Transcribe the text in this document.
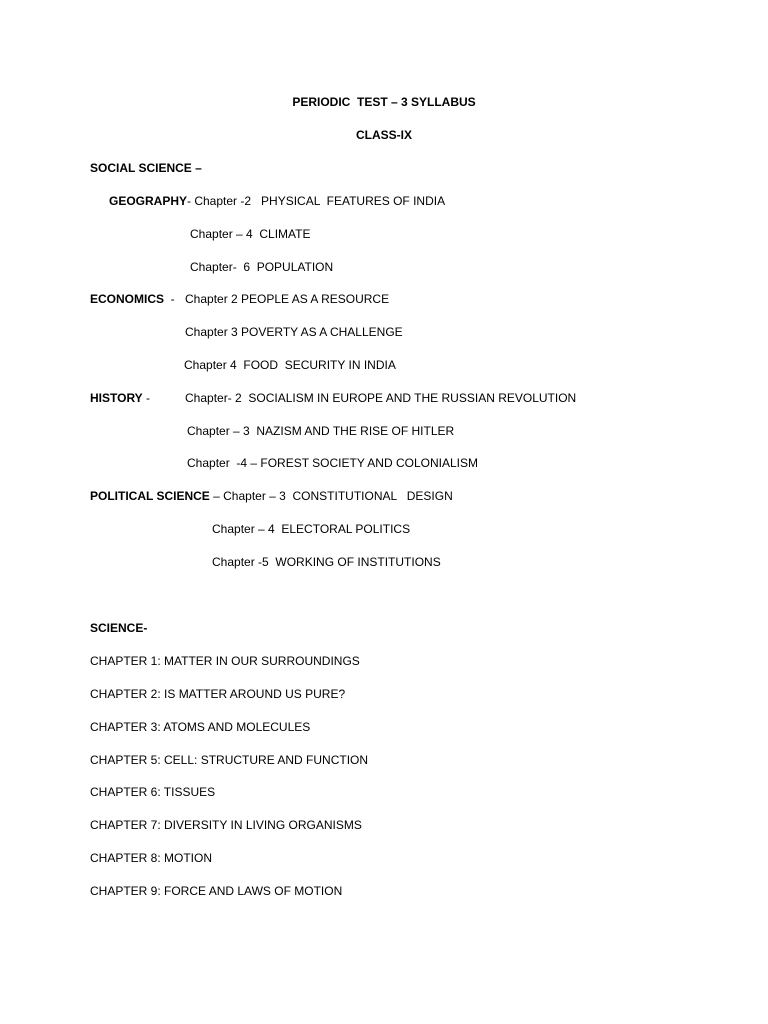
PERIODIC  TEST – 3 SYLLABUS
CLASS-IX
SOCIAL SCIENCE –
GEOGRAPHY- Chapter -2   PHYSICAL  FEATURES OF INDIA
Chapter – 4  CLIMATE
Chapter-  6  POPULATION
ECONOMICS  - Chapter 2 PEOPLE AS A RESOURCE
Chapter 3 POVERTY AS A CHALLENGE
Chapter 4  FOOD  SECURITY IN INDIA
HISTORY -	Chapter- 2  SOCIALISM IN EUROPE AND THE RUSSIAN REVOLUTION
Chapter – 3  NAZISM AND THE RISE OF HITLER
Chapter  -4 – FOREST SOCIETY AND COLONIALISM
POLITICAL SCIENCE – Chapter – 3  CONSTITUTIONAL   DESIGN
Chapter – 4  ELECTORAL POLITICS
Chapter -5  WORKING OF INSTITUTIONS
SCIENCE-
CHAPTER 1: MATTER IN OUR SURROUNDINGS
CHAPTER 2: IS MATTER AROUND US PURE?
CHAPTER 3: ATOMS AND MOLECULES
CHAPTER 5: CELL: STRUCTURE AND FUNCTION
CHAPTER 6: TISSUES
CHAPTER 7: DIVERSITY IN LIVING ORGANISMS
CHAPTER 8: MOTION
CHAPTER 9: FORCE AND LAWS OF MOTION
